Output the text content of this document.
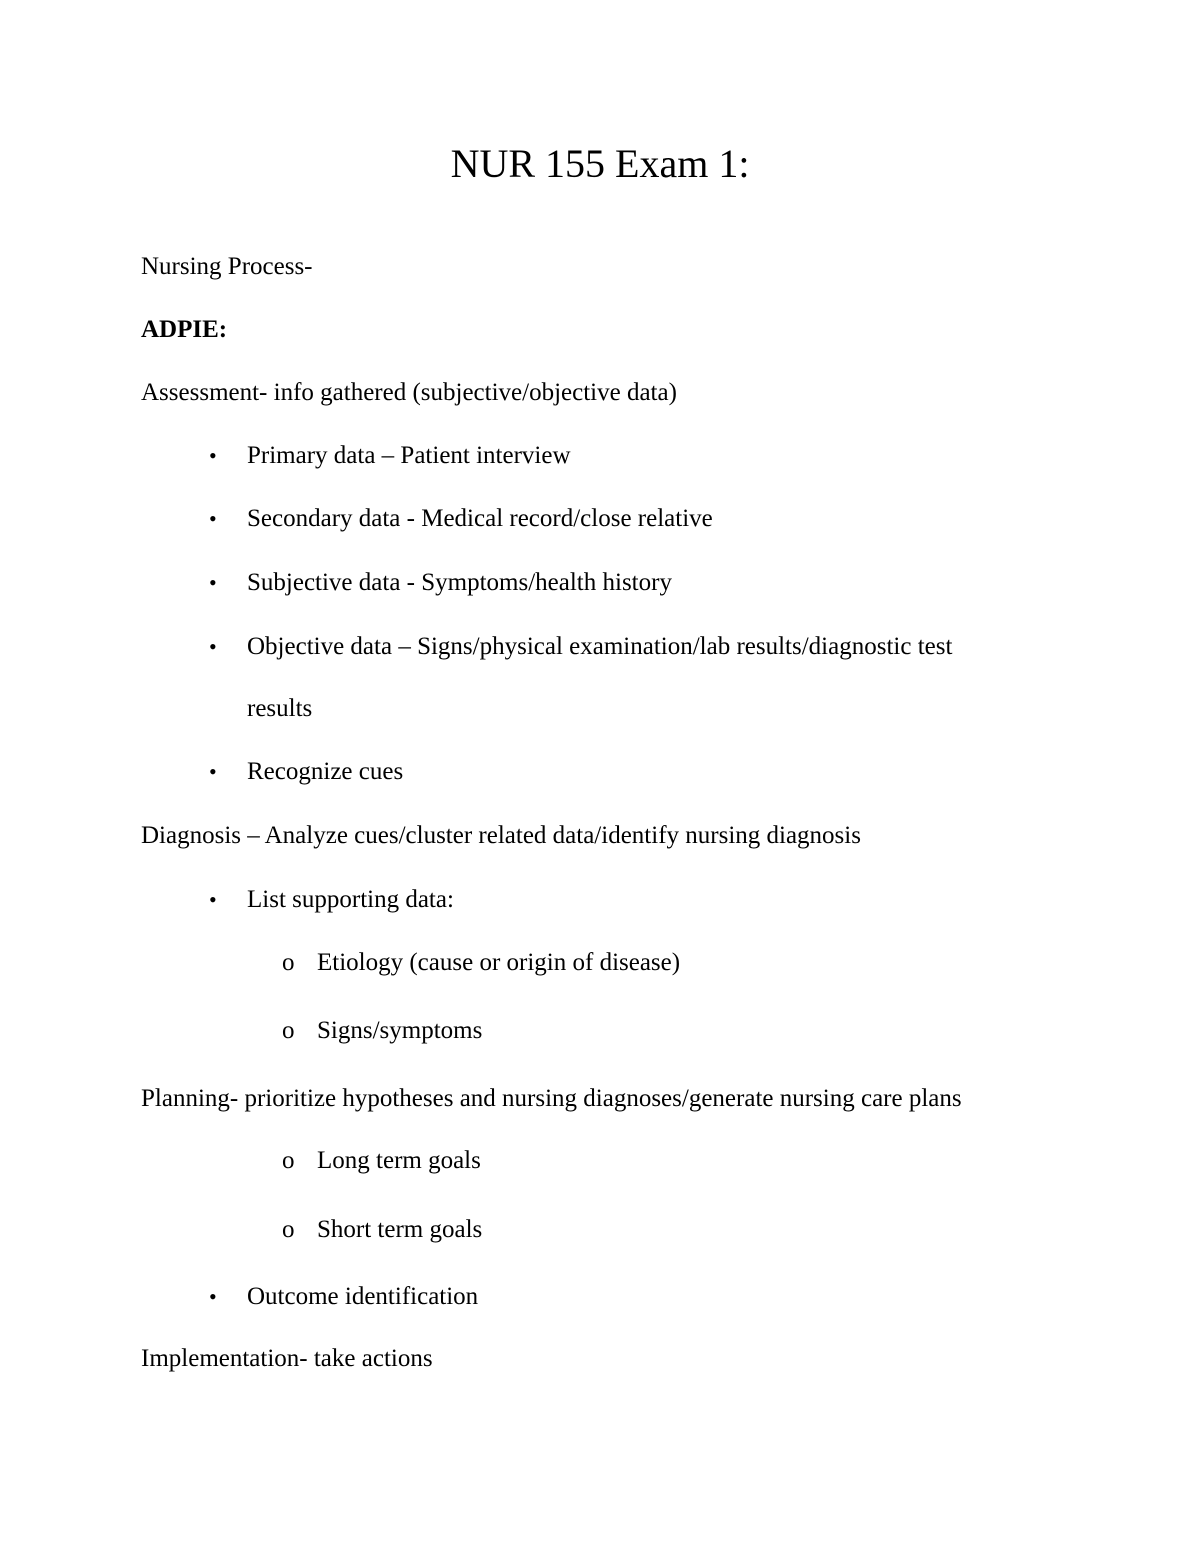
NUR 155 Exam 1:
Nursing Process-
ADPIE:
Assessment- info gathered (subjective/objective data)
• Primary data – Patient interview
• Secondary data - Medical record/close relative
• Subjective data - Symptoms/health history
• Objective data – Signs/physical examination/lab results/diagnostic test
results
• Recognize cues
Diagnosis – Analyze cues/cluster related data/identify nursing diagnosis
• List supporting data:
o Etiology (cause or origin of disease)
o Signs/symptoms
Planning- prioritize hypotheses and nursing diagnoses/generate nursing care plans
o Long term goals
o Short term goals
• Outcome identification
Implementation- take actions
